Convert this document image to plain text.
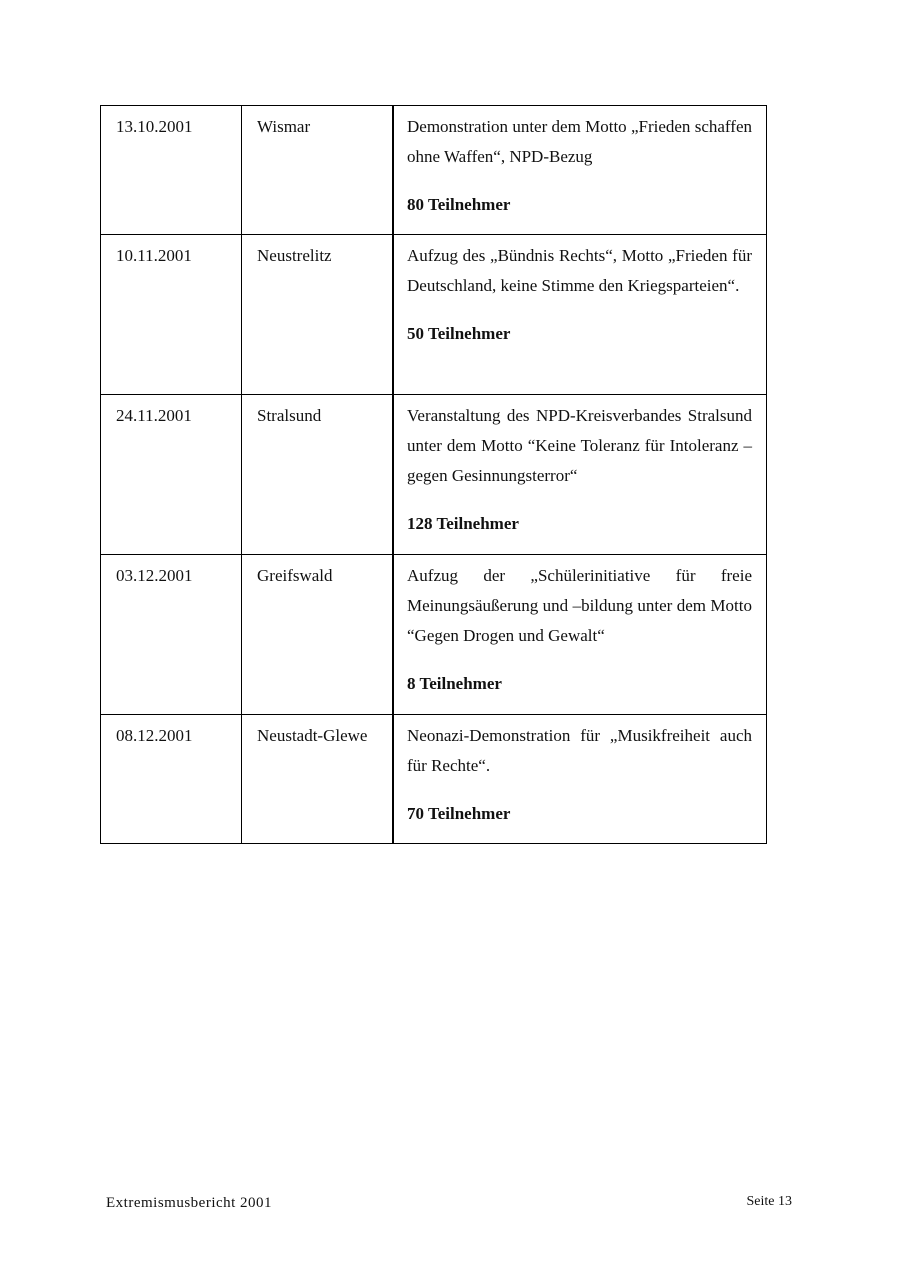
13.10.2001	Wismar	Demonstration unter dem Motto „Frieden schaffen ohne Waffen“, NPD-Bezug

80 Teilnehmer

10.11.2001	Neustrelitz	Aufzug des „Bündnis Rechts“, Motto „Frieden für Deutschland, keine Stimme den Kriegsparteien“.

50 Teilnehmer

24.11.2001	Stralsund	Veranstaltung des NPD-Kreisverbandes Stralsund unter dem Motto “Keine Toleranz für Intoleranz – gegen Gesinnungsterror“

128 Teilnehmer

03.12.2001	Greifswald	Aufzug der „Schülerinitiative für freie Meinungsäußerung und –bildung unter dem Motto “Gegen Drogen und Gewalt“

8 Teilnehmer

08.12.2001	Neustadt-Glewe	Neonazi-Demonstration für „Musikfreiheit auch für Rechte“.

70 Teilnehmer

Extremismusbericht 2001	Seite 13
